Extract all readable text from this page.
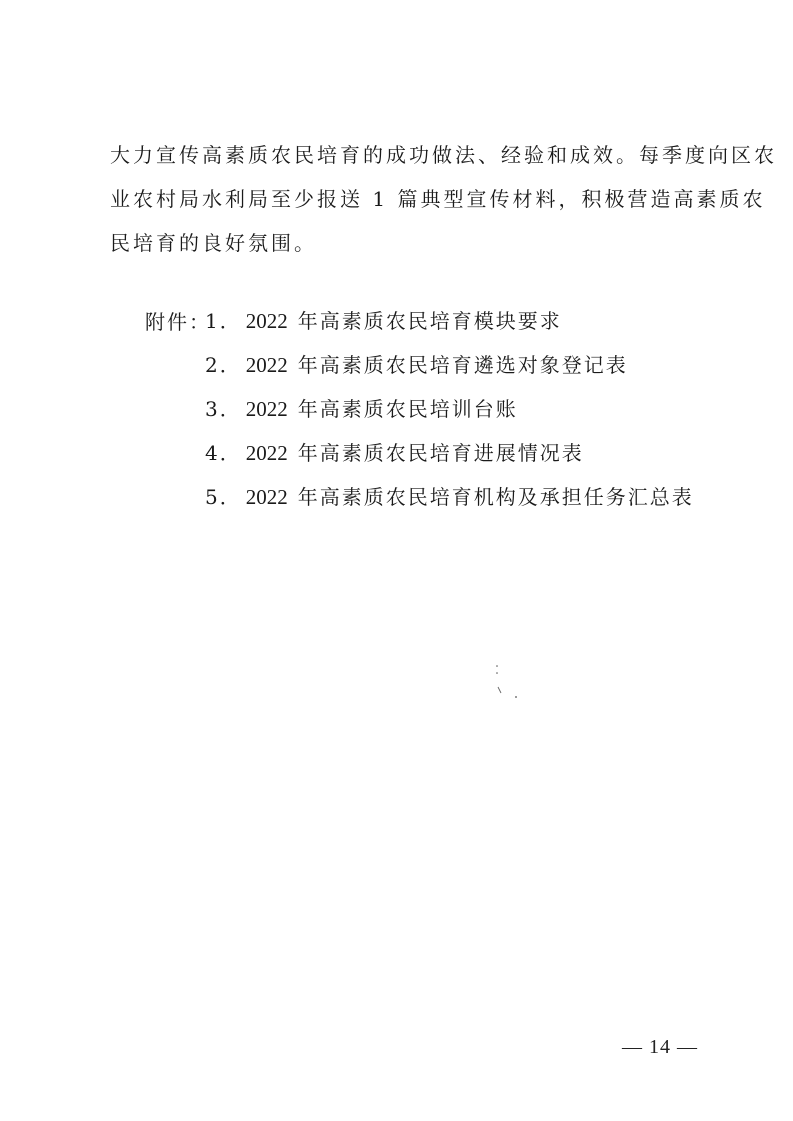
大力宣传高素质农民培育的成功做法、经验和成效。每季度向区农
业农村局水利局至少报送 1 篇典型宣传材料，积极营造高素质农
民培育的良好氛围。
附件：
1． 2022 年高素质农民培育模块要求
2． 2022 年高素质农民培育遴选对象登记表
3． 2022 年高素质农民培训台账
4． 2022 年高素质农民培育进展情况表
5． 2022 年高素质农民培育机构及承担任务汇总表
— 14 —
